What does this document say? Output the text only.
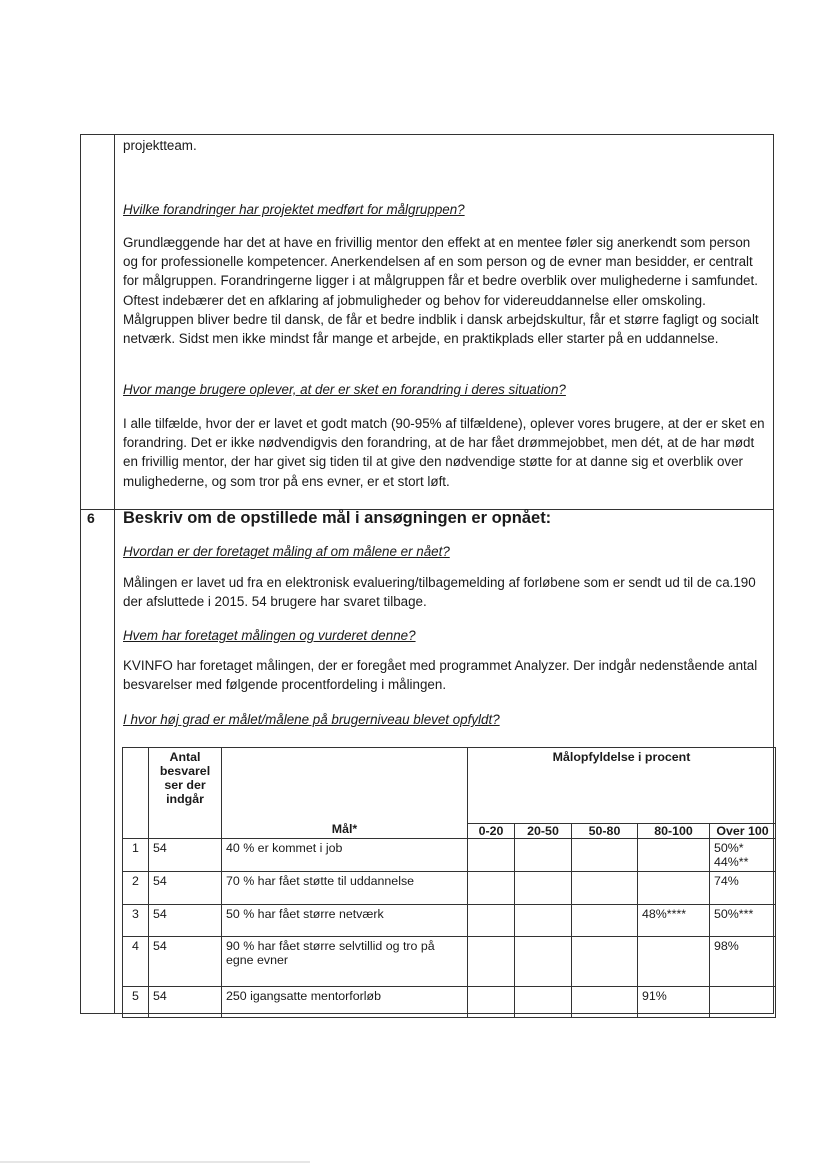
projektteam.
Hvilke forandringer har projektet medført for målgruppen?
Grundlæggende har det at have en frivillig mentor den effekt at en mentee føler sig anerkendt som person og for professionelle kompetencer. Anerkendelsen af en som person og de evner man besidder, er centralt for målgruppen. Forandringerne ligger i at målgruppen får et bedre overblik over mulighederne i samfundet. Oftest indebærer det en afklaring af jobmuligheder og behov for videreuddannelse eller omskoling. Målgruppen bliver bedre til dansk, de får et bedre indblik i dansk arbejdskultur, får et større fagligt og socialt netværk. Sidst men ikke mindst får mange et arbejde, en praktikplads eller starter på en uddannelse.
Hvor mange brugere oplever, at der er sket en forandring i deres situation?
I alle tilfælde, hvor der er lavet et godt match (90-95% af tilfældene), oplever vores brugere, at der er sket en forandring. Det er ikke nødvendigvis den forandring, at de har fået drømmejobbet, men dét, at de har mødt en frivillig mentor, der har givet sig tiden til at give den nødvendige støtte for at danne sig et overblik over mulighederne, og som tror på ens evner, er et stort løft.
6 Beskriv om de opstillede mål i ansøgningen er opnået:
Hvordan er der foretaget måling af om målene er nået?
Målingen er lavet ud fra en elektronisk evaluering/tilbagemelding af forløbene som er sendt ud til de ca.190 der afsluttede i 2015. 54 brugere har svaret tilbage.
Hvem har foretaget målingen og vurderet denne?
KVINFO har foretaget målingen, der er foregået med programmet Analyzer. Der indgår nedenstående antal besvarelser med følgende procentfordeling i målingen.
I hvor høj grad er målet/målene på brugerniveau blevet opfyldt?
	Antal
besvarel
ser der
indgår	Mål*	Målopfyldelse i procent				
			0-20	20-50	50-80	80-100	Over 100
1	54	40 % er kommet i job					50%*
44%**
2	54	70 % har fået støtte til uddannelse					74%
3	54	50 % har fået større netværk				48%****	50%***
4	54	90 % har fået større selvtillid og tro på
egne evner					98%
5	54	250 igangsatte mentorforløb				91%	
